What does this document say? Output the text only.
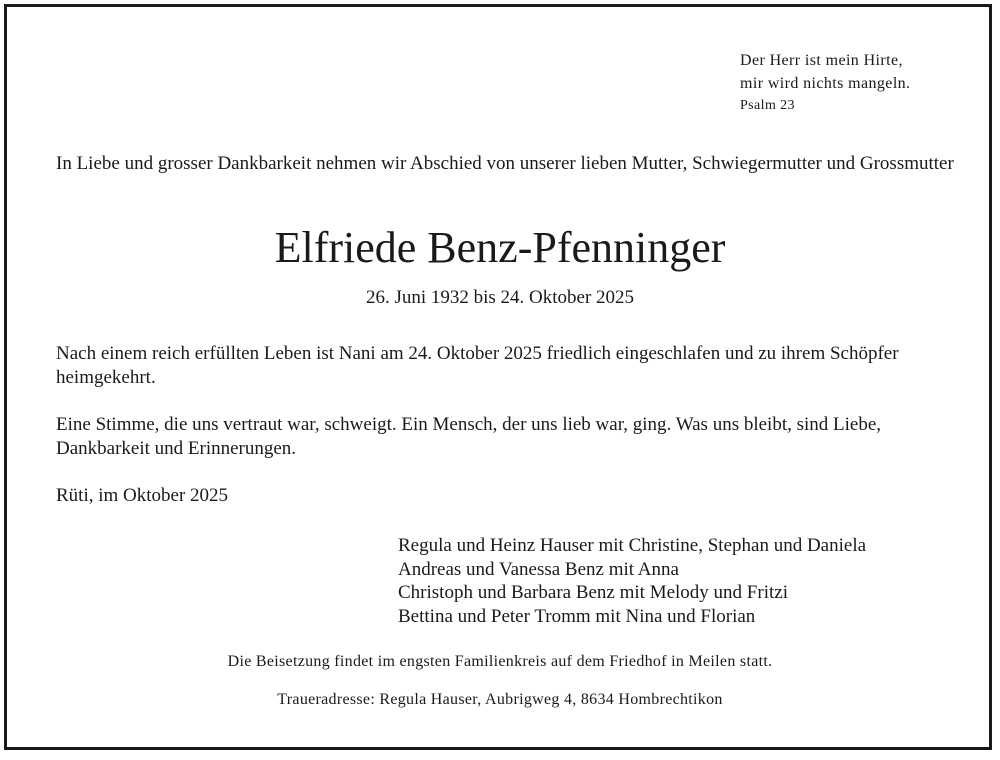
Der Herr ist mein Hirte,
mir wird nichts mangeln.
Psalm 23
In Liebe und grosser Dankbarkeit nehmen wir Abschied von unserer lieben Mutter, Schwiegermutter und Grossmutter
Elfriede Benz-Pfenninger
26. Juni 1932 bis 24. Oktober 2025
Nach einem reich erfüllten Leben ist Nani am 24. Oktober 2025 friedlich eingeschlafen und zu ihrem Schöpfer heimgekehrt.
Eine Stimme, die uns vertraut war, schweigt. Ein Mensch, der uns lieb war, ging. Was uns bleibt, sind Liebe, Dankbarkeit und Erinnerungen.
Rüti, im Oktober 2025
Regula und Heinz Hauser mit Christine, Stephan und Daniela
Andreas und Vanessa Benz mit Anna
Christoph und Barbara Benz mit Melody und Fritzi
Bettina und Peter Tromm mit Nina und Florian
Die Beisetzung findet im engsten Familienkreis auf dem Friedhof in Meilen statt.
Traueradresse: Regula Hauser, Aubrigweg 4, 8634 Hombrechtikon
